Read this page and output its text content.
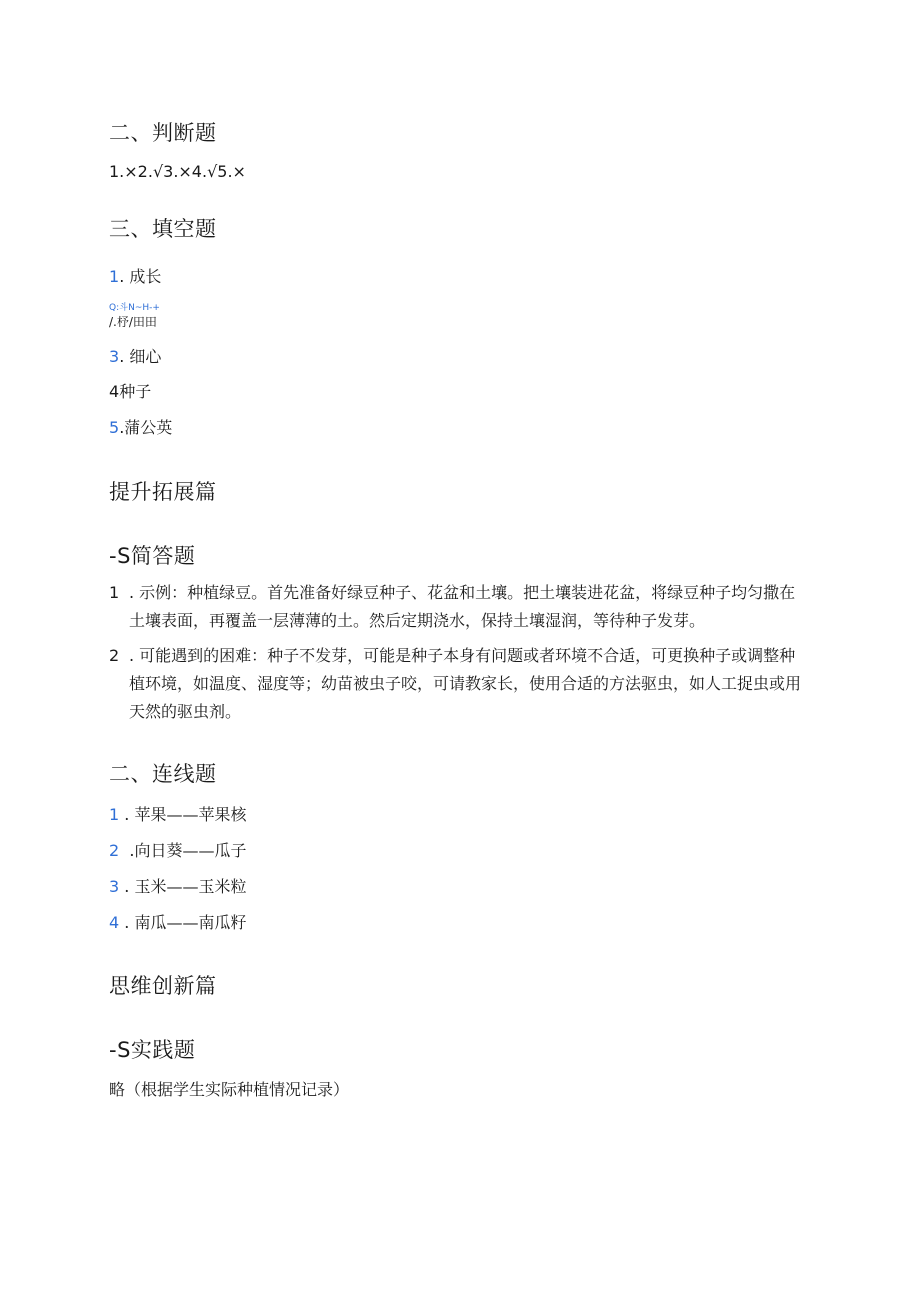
二、判断题
1.×2.√3.×4.√5.×
三、填空题
1. 成长
Q:斗N~H-+
/.杼/田田
3. 细心
4种子
5.蒲公英
提升拓展篇
-S简答题
1 . 示例：种植绿豆。首先准备好绿豆种子、花盆和土壤。把土壤装进花盆，将绿豆种子均匀撒在土壤表面，再覆盖一层薄薄的土。然后定期浇水，保持土壤湿润，等待种子发芽。
2 . 可能遇到的困难：种子不发芽，可能是种子本身有问题或者环境不合适，可更换种子或调整种植环境，如温度、湿度等；幼苗被虫子咬，可请教家长，使用合适的方法驱虫，如人工捉虫或用天然的驱虫剂。
二、连线题
1 . 苹果——苹果核
2 .向日葵——瓜子
3 . 玉米——玉米粒
4 . 南瓜——南瓜籽
思维创新篇
-S实践题
略（根据学生实际种植情况记录）
